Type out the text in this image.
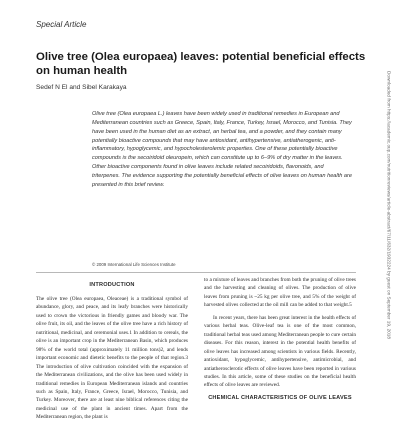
Special Article
Olive tree (Olea europaea) leaves: potential beneficial effects on human health
Sedef N El and Sibel Karakaya

Olive tree (Olea europaea L.) leaves have been widely used in traditional remedies in European and Mediterranean countries such as Greece, Spain, Italy, France, Turkey, Israel, Morocco, and Tunisia. They have been used in the human diet as an extract, an herbal tea, and a powder, and they contain many potentially bioactive compounds that may have antioxidant, antihypertensive, antiatherogenic, anti-inflammatory, hypoglycemic, and hypocholesterolemic properties. One of these potentially bioactive compounds is the secoiridoid oleuropein, which can constitute up to 6–9% of dry matter in the leaves. Other bioactive components found in olive leaves include related secoiridoids, flavonoids, and triterpenes. The evidence supporting the potentially beneficial effects of olive leaves on human health are presented in this brief review.

© 2009 International Life Sciences Institute
INTRODUCTION

The olive tree (Olea europaea, Oleaceae) is a traditional symbol of abundance, glory, and peace, and its leafy branches were historically used to crown the victorious in friendly games and bloody war. The olive fruit, its oil, and the leaves of the olive tree have a rich history of nutritional, medicinal, and ceremonial uses.1 In addition to cereals, the olive is an important crop in the Mediterranean Basin, which produces 98% of the world total (approximately 11 million tons)2, and lends important economic and dietetic benefits to the people of that region.3 The introduction of olive cultivation coincided with the expansion of the Mediterranean civilizations, and the olive has been used widely in traditional remedies in European Mediterranean islands and countries such as Spain, Italy, France, Greece, Israel, Morocco, Tunisia, and Turkey. Moreover, there are at least nine biblical references citing the medicinal use of the plant in ancient times. Apart from the Mediterranean region, the plant is

to a mixture of leaves and branches from both the pruning of olive trees and the harvesting and cleaning of olives. The production of olive leaves from pruning is ~25 kg per olive tree, and 5% of the weight of harvested olives collected at the oil mill can be added to that weight.5

In recent years, there has been great interest in the health effects of various herbal teas. Olive-leaf tea is one of the most common, traditional herbal teas used among Mediterranean people to cure certain diseases. For this reason, interest in the potential health benefits of olive leaves has increased among scientists in various fields. Recently, antioxidant, hypoglycemic, antihypertensive, antimicrobial, and antiatherosclerotic effects of olive leaves have been reported in various studies. In this article, some of these studies on the beneficial health effects of olive leaves are reviewed.

CHEMICAL CHARACTERISTICS OF OLIVE LEAVES
Downloaded from https://academic.oup.com/nutritionreviews/article-abstract/67/11/632/1932224 by guest on September 19, 2018
